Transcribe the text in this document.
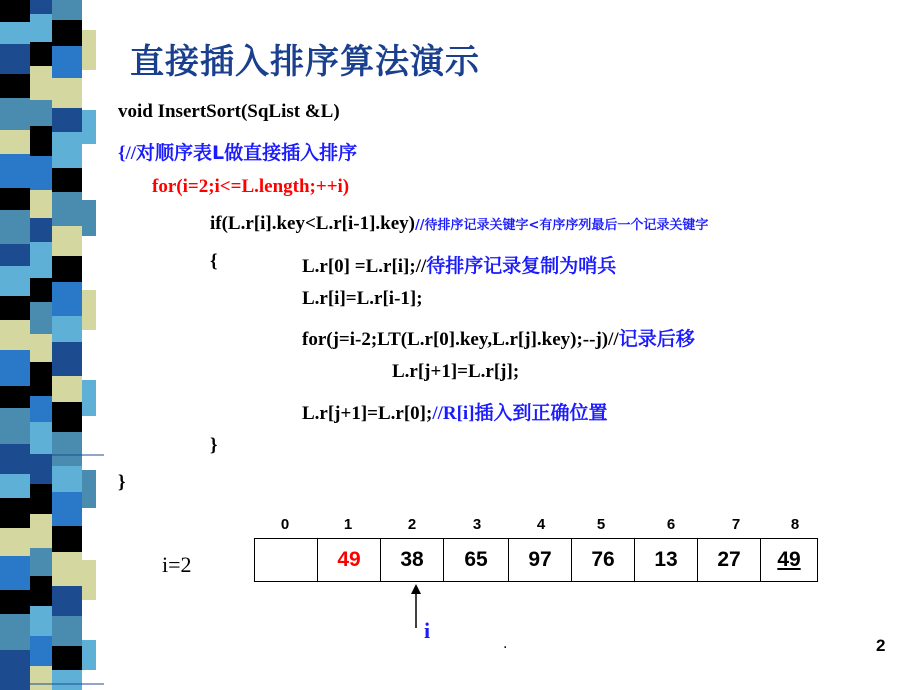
直接插入排序算法演示
void InsertSort(SqList &L)
{//对顺序表L做直接插入排序
for(i=2;i<=L.length;++i)
if(L.r[i].key<L.r[i-1].key)//待排序记录关键字<有序序列最后一个记录关键字
{	L.r[0] =L.r[i];//待排序记录复制为哨兵
L.r[i]=L.r[i-1];
for(j=i-2;LT(L.r[0].key,L.r[j].key);--j)//记录后移
L.r[j+1]=L.r[j];
L.r[j+1]=L.r[0];//R[i]插入到正确位置
}
}
0	1	2	3	4	5	6	7	8
i=2	49	38	65	97	76	13	27	49
i
.	2
